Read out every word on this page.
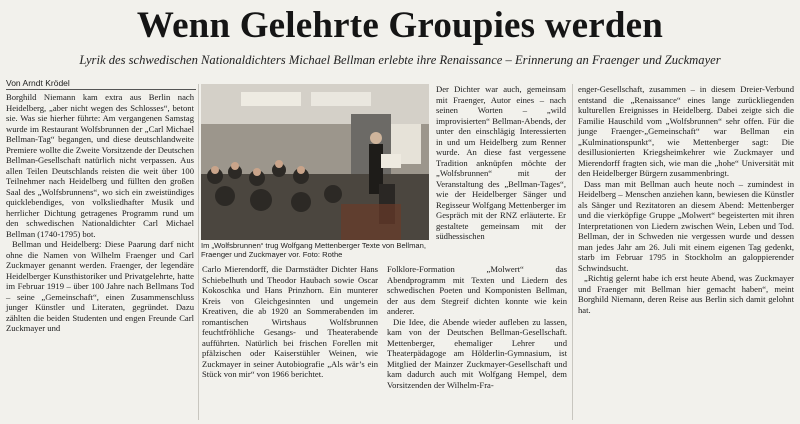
Wenn Gelehrte Groupies werden
Lyrik des schwedischen Nationaldichters Michael Bellman erlebte ihre Renaissance – Erinnerung an Fraenger und Zuckmayer
Von Arndt Krödel

Borghild Niemann kam extra aus Berlin nach Heidelberg, „aber nicht wegen des Schlosses“, betont sie. Was sie hierher führte: Am vergangenen Samstag wurde im Restaurant Wolfsbrunnen der „Carl Michael Bellman-Tag“ begangen, und diese deutschlandweite Premiere wollte die Zweite Vorsitzende der Deutschen Bellman-Gesellschaft natürlich nicht verpassen. Aus allen Teilen Deutschlands reisten die weit über 100 Teilnehmer nach Heidelberg und füllten den großen Saal des „Wolfsbrunnens“, wo sich ein zweistündiges quicklebendiges, von volksliedhafter Musik und herrlicher Dichtung getragenes Programm rund um den schwedischen Nationaldichter Carl Michael Bellman (1740-1795) bot.

Bellman und Heidelberg: Diese Paarung darf nicht ohne die Namen von Wilhelm Fraenger und Carl Zuckmayer genannt werden. Fraenger, der legendäre Heidelberger Kunsthistoriker und Privatgelehrte, hatte im Februar 1919 – über 100 Jahre nach Bellmans Tod – seine „Gemeinschaft“, einen Zusammenschluss junger Künstler und Literaten, gegründet. Dazu zählten die beiden Studenten und engen Freunde Carl Zuckmayer und

Im „Wolfsbrunnen“ trug Wolfgang Mettenberger Texte von Bellman, Fraenger und Zuckmayer vor. Foto: Rothe

Der Dichter war auch, gemeinsam mit Fraenger, Autor eines – nach seinen Worten – „wild improvisierten“ Bellman-Abends, der unter den einschlägig Interessierten in und um Heidelberg zum Renner wurde. An diese fast vergessene Tradition anknüpfen möchte der „Wolfsbrunnen“ mit der Veranstaltung des „Bellman-Tages“, wie der Heidelberger Sänger und Regisseur Wolfgang Mettenberger im Gespräch mit der RNZ erläuterte. Er gestaltete gemeinsam mit der südhessischen

Carlo Mierendorff, die Darmstädter Dichter Hans Schiebelhuth und Theodor Haubach sowie Oscar Kokoschka und Hans Prinzhorn. Ein munterer Kreis von Gleichgesinnten und ungemein Kreativen, die ab 1920 an Sommerabenden im romantischen Wirtshaus Wolfsbrunnen feuchtfröhliche Gesangs- und Theaterabende aufführten. Natürlich bei frischen Forellen mit pfälzischen oder Kaiserstühler Weinen, wie Zuckmayer in seiner Autobiografie „Als wär’s ein Stück von mir“ von 1966 berichtet.

Folklore-Formation „Molwert“ das Abendprogramm mit Texten und Liedern des schwedischen Poeten und Komponisten Bellman, der aus dem Stegreif dichten konnte wie kein anderer.

Die Idee, die Abende wieder aufleben zu lassen, kam von der Deutschen Bellman-Gesellschaft. Mettenberger, ehemaliger Lehrer und Theaterpädagoge am Hölderlin-Gymnasium, ist Mitglied der Mainzer Zuckmayer-Gesellschaft und kam dadurch auch mit Wolfgang Hempel, dem Vorsitzenden der Wilhelm-Fra-

enger-Gesellschaft, zusammen – in diesem Dreier-Verbund entstand die „Renaissance“ eines lange zurückliegenden kulturellen Ereignisses in Heidelberg. Dabei zeigte sich die Familie Hauschild vom „Wolfsbrunnen“ sehr offen. Für die junge Fraenger-„Gemeinschaft“ war Bellman ein „Kulminationspunkt“, wie Mettenberger sagt: Die desillusionierten Kriegsheimkehrer wie Zuckmayer und Mierendorff fragten sich, wie man die „hohe“ Universität mit den Heidelberger Bürgern zusammenbringt.

Dass man mit Bellman auch heute noch – zumindest in Heidelberg – Menschen anziehen kann, bewiesen die Künstler als Sänger und Rezitatoren an diesem Abend: Mettenberger und die vierköpfige Gruppe „Molwert“ begeisterten mit ihren Interpretationen von Liedern zwischen Wein, Leben und Tod. Bellman, der in Schweden nie vergessen wurde und dessen man jedes Jahr am 26. Juli mit einem eigenen Tag gedenkt, starb im Februar 1795 in Stockholm an galoppierender Schwindsucht.

„Richtig gelernt habe ich erst heute Abend, was Zuckmayer und Fraenger mit Bellman hier gemacht haben“, meint Borghild Niemann, deren Reise aus Berlin sich damit gelohnt hat.
